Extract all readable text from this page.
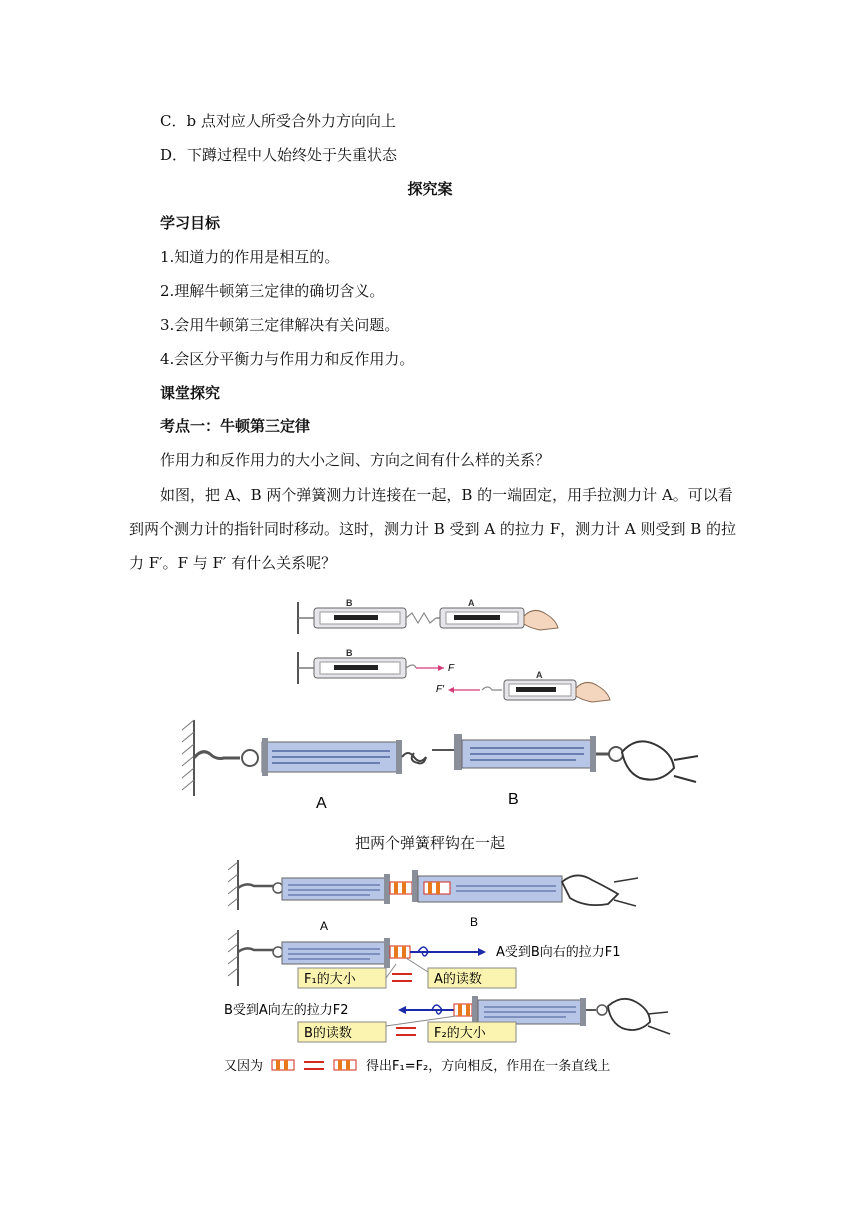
C．b 点对应人所受合外力方向向上
D．下蹲过程中人始终处于失重状态
探究案
学习目标
1.知道力的作用是相互的。
2.理解牛顿第三定律的确切含义。
3.会用牛顿第三定律解决有关问题。
4.会区分平衡力与作用力和反作用力。
课堂探究
考点一：牛顿第三定律
作用力和反作用力的大小之间、方向之间有什么样的关系？
如图，把 A、B 两个弹簧测力计连接在一起，B 的一端固定，用手拉测力计 A。可以看
到两个测力计的指针同时移动。这时，测力计 B 受到 A 的拉力 F，测力计 A 则受到 B 的拉
力 F′。F 与 F′ 有什么关系呢？
B	A
B
F
F′
A
A	B
把两个弹簧秤钩在一起
A	B
A受到B向右的拉力F1
F₁的大小	A的读数
B受到A向左的拉力F2
B的读数	F₂的大小
又因为	得出F₁=F₂，方向相反，作用在一条直线上
